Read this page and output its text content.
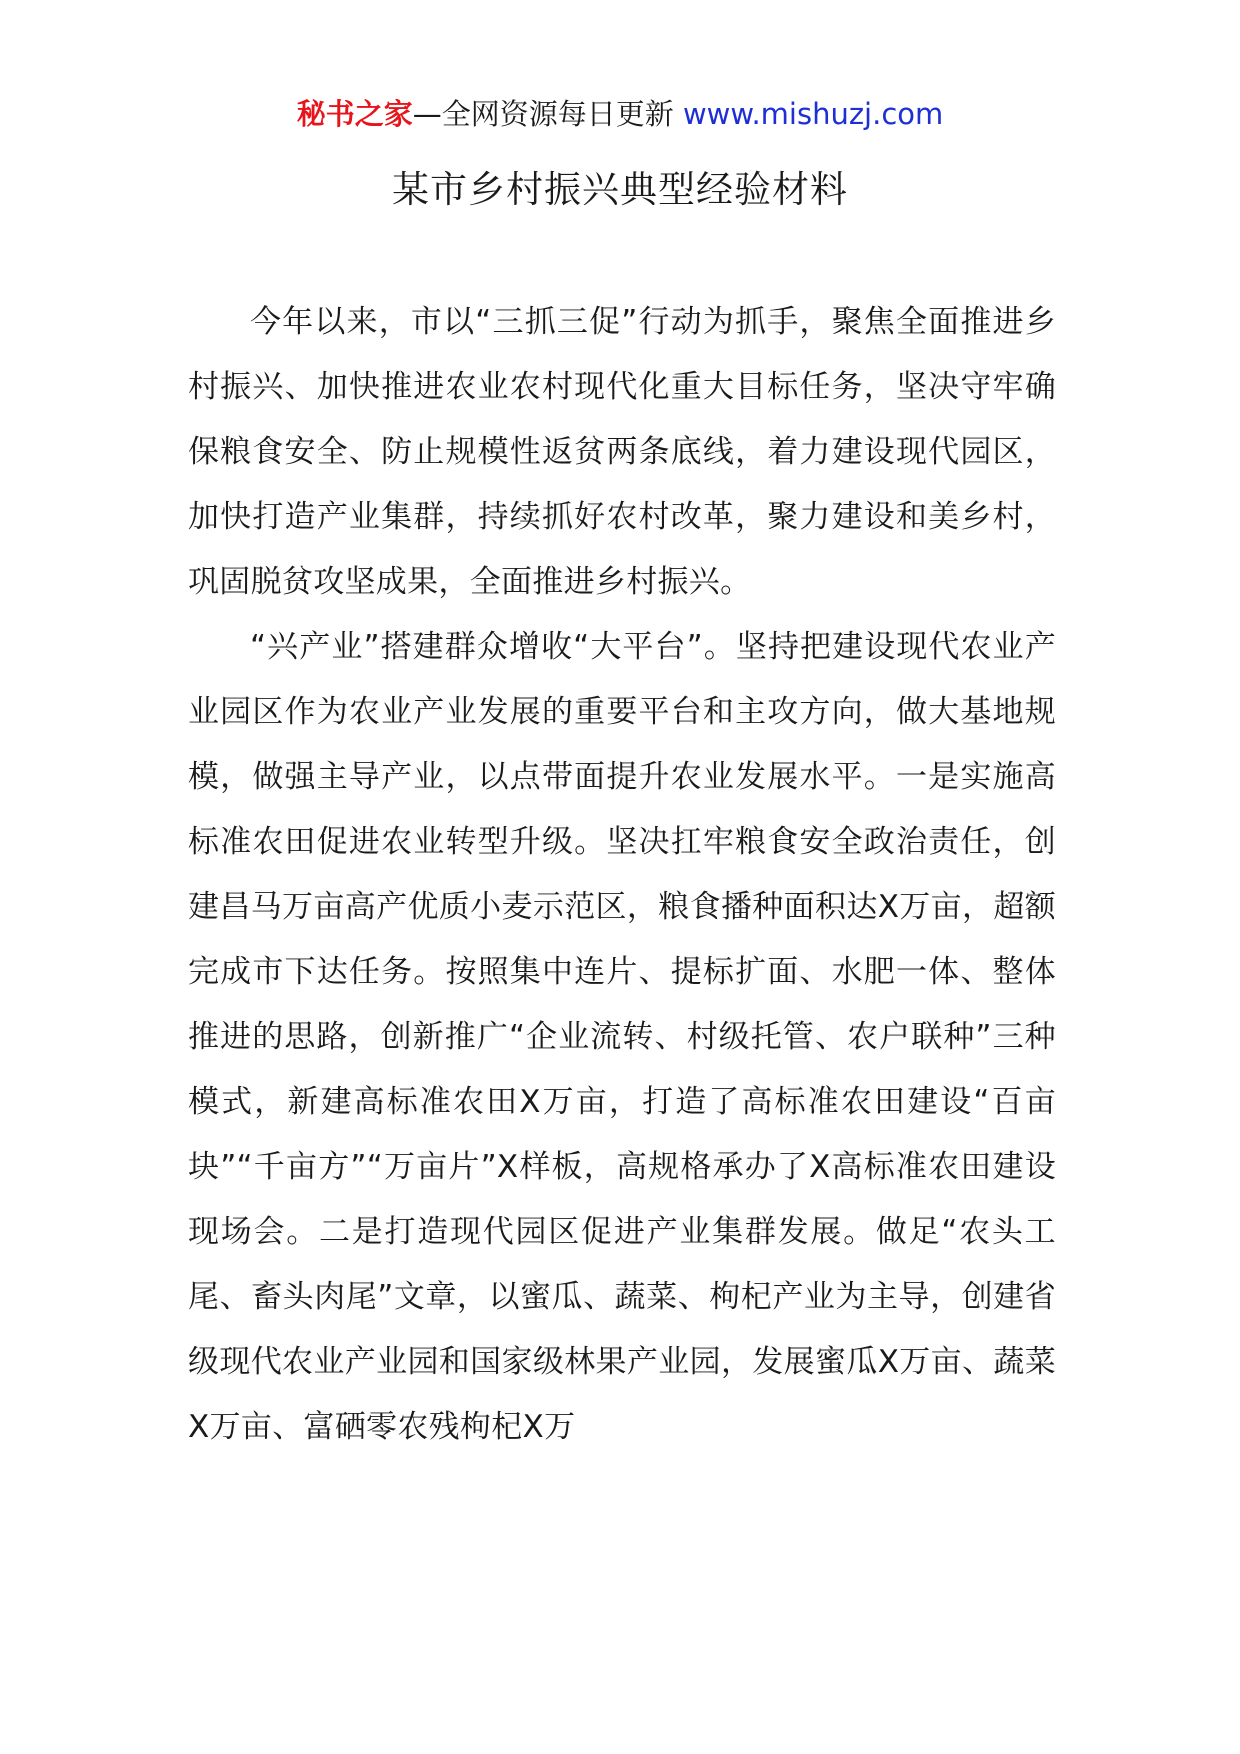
秘书之家—全网资源每日更新 www.mishuzj.com
某市乡村振兴典型经验材料

今年以来，市以“三抓三促”行动为抓手，聚焦全面推进乡村振兴、加快推进农业农村现代化重大目标任务，坚决守牢确保粮食安全、防止规模性返贫两条底线，着力建设现代园区，加快打造产业集群，持续抓好农村改革，聚力建设和美乡村，巩固脱贫攻坚成果，全面推进乡村振兴。

“兴产业”搭建群众增收“大平台”。坚持把建设现代农业产业园区作为农业产业发展的重要平台和主攻方向，做大基地规模，做强主导产业，以点带面提升农业发展水平。一是实施高标准农田促进农业转型升级。坚决扛牢粮食安全政治责任，创建昌马万亩高产优质小麦示范区，粮食播种面积达X万亩，超额完成市下达任务。按照集中连片、提标扩面、水肥一体、整体推进的思路，创新推广“企业流转、村级托管、农户联种”三种模式，新建高标准农田X万亩，打造了高标准农田建设“百亩块”“千亩方”“万亩片”X样板，高规格承办了X高标准农田建设现场会。二是打造现代园区促进产业集群发展。做足“农头工尾、畜头肉尾”文章，以蜜瓜、蔬菜、枸杞产业为主导，创建省级现代农业产业园和国家级林果产业园，发展蜜瓜X万亩、蔬菜X万亩、富硒零农残枸杞X万
